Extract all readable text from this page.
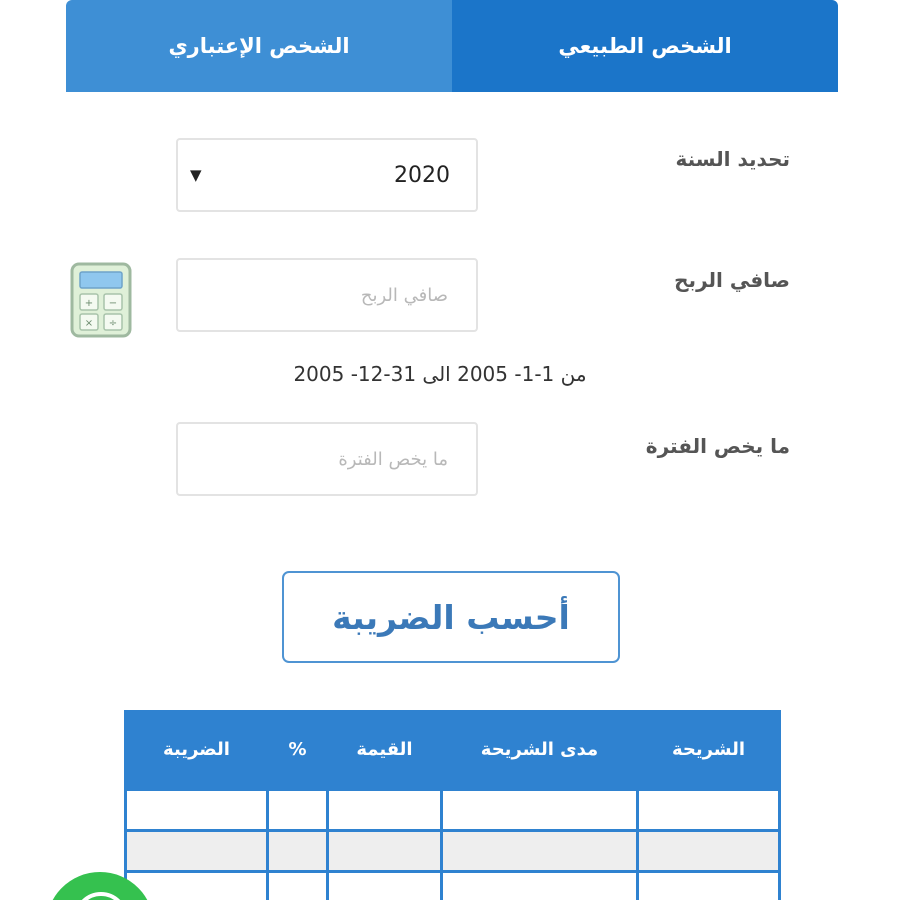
الشخص الإعتباري	الشخص الطبيعي
تحديد السنة
▼	2020
صافي الربح
صافي الربح
+ −
× ÷
من 1-1- 2005 الى 31-12- 2005
ما يخص الفترة
ما يخص الفترة
أحسب الضريبة
الشريحة	مدى الشريحة	القيمة	%	الضريبة
